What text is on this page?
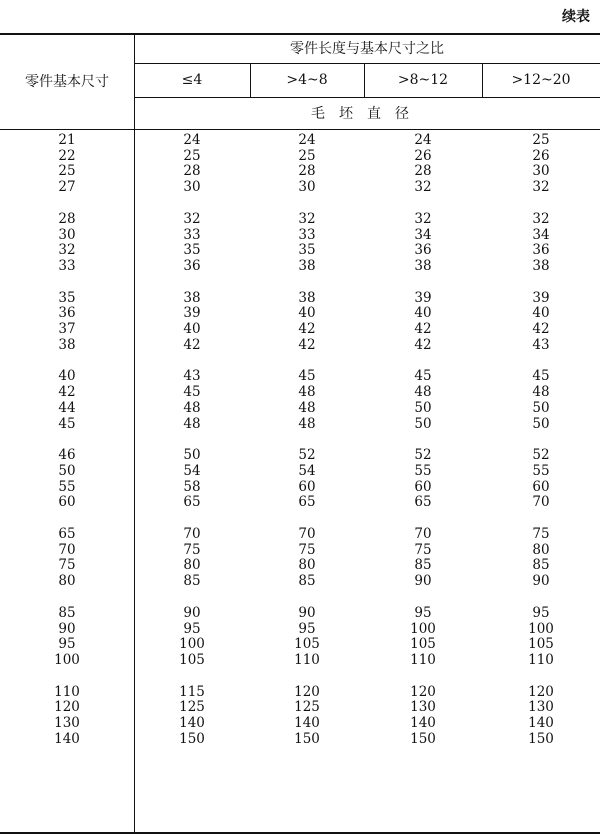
续表
零件基本尺寸
零件长度与基本尺寸之比
≤4	>4~8	>8~12	>12~20
毛坯直径
21	24	24	24	25
22	25	25	26	26
25	28	28	28	30
27	30	30	32	32

28	32	32	32	32
30	33	33	34	34
32	35	35	36	36
33	36	38	38	38

35	38	38	39	39
36	39	40	40	40
37	40	42	42	42
38	42	42	42	43

40	43	45	45	45
42	45	48	48	48
44	48	48	50	50
45	48	48	50	50

46	50	52	52	52
50	54	54	55	55
55	58	60	60	60
60	65	65	65	70

65	70	70	70	75
70	75	75	75	80
75	80	80	85	85
80	85	85	90	90

85	90	90	95	95
90	95	95	100	100
95	100	105	105	105
100	105	110	110	110

110	115	120	120	120
120	125	125	130	130
130	140	140	140	140
140	150	150	150	150
